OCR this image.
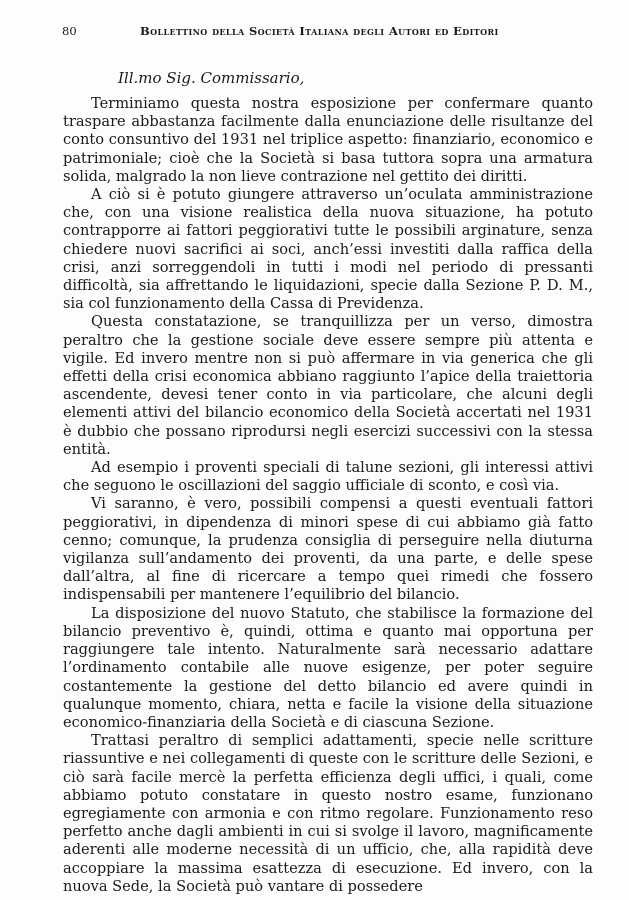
80	Bollettino della Società Italiana degli Autori ed Editori
Ill.mo Sig. Commissario,

Terminiamo questa nostra esposizione per confermare quanto traspare abbastanza facilmente dalla enunciazione delle risultanze del conto consuntivo del 1931 nel triplice aspetto: finanziario, economico e patrimoniale; cioè che la Società si basa tuttora sopra una armatura solida, malgrado la non lieve contrazione nel gettito dei diritti.

A ciò si è potuto giungere attraverso un’oculata amministrazione che, con una visione realistica della nuova situazione, ha potuto contrapporre ai fattori peggiorativi tutte le possibili arginature, senza chiedere nuovi sacrifici ai soci, anch’essi investiti dalla raffica della crisi, anzi sorreggendoli in tutti i modi nel periodo di pressanti difficoltà, sia affrettando le liquidazioni, specie dalla Sezione P. D. M., sia col funzionamento della Cassa di Previdenza.

Questa constatazione, se tranquillizza per un verso, dimostra peraltro che la gestione sociale deve essere sempre più attenta e vigile. Ed invero mentre non si può affermare in via generica che gli effetti della crisi economica abbiano raggiunto l’apice della traiettoria ascendente, devesi tener conto in via particolare, che alcuni degli elementi attivi del bilancio economico della Società accertati nel 1931 è dubbio che possano riprodursi negli esercizi successivi con la stessa entità.

Ad esempio i proventi speciali di talune sezioni, gli interessi attivi che seguono le oscillazioni del saggio ufficiale di sconto, e così via.

Vi saranno, è vero, possibili compensi a questi eventuali fattori peggiorativi, in dipendenza di minori spese di cui abbiamo già fatto cenno; comunque, la prudenza consiglia di perseguire nella diuturna vigilanza sull’andamento dei proventi, da una parte, e delle spese dall’altra, al fine di ricercare a tempo quei rimedi che fossero indispensabili per mantenere l’equilibrio del bilancio.

La disposizione del nuovo Statuto, che stabilisce la formazione del bilancio preventivo è, quindi, ottima e quanto mai opportuna per raggiungere tale intento. Naturalmente sarà necessario adattare l’ordinamento contabile alle nuove esigenze, per poter seguire costantemente la gestione del detto bilancio ed avere quindi in qualunque momento, chiara, netta e facile la visione della situazione economico-finanziaria della Società e di ciascuna Sezione.

Trattasi peraltro di semplici adattamenti, specie nelle scritture riassuntive e nei collegamenti di queste con le scritture delle Sezioni, e ciò sarà facile mercè la perfetta efficienza degli uffici, i quali, come abbiamo potuto constatare in questo nostro esame, funzionano egregiamente con armonia e con ritmo regolare. Funzionamento reso perfetto anche dagli ambienti in cui si svolge il lavoro, magnificamente aderenti alle moderne necessità di un ufficio, che, alla rapidità deve accoppiare la massima esattezza di esecuzione. Ed invero, con la nuova Sede, la Società può vantare di possedere
